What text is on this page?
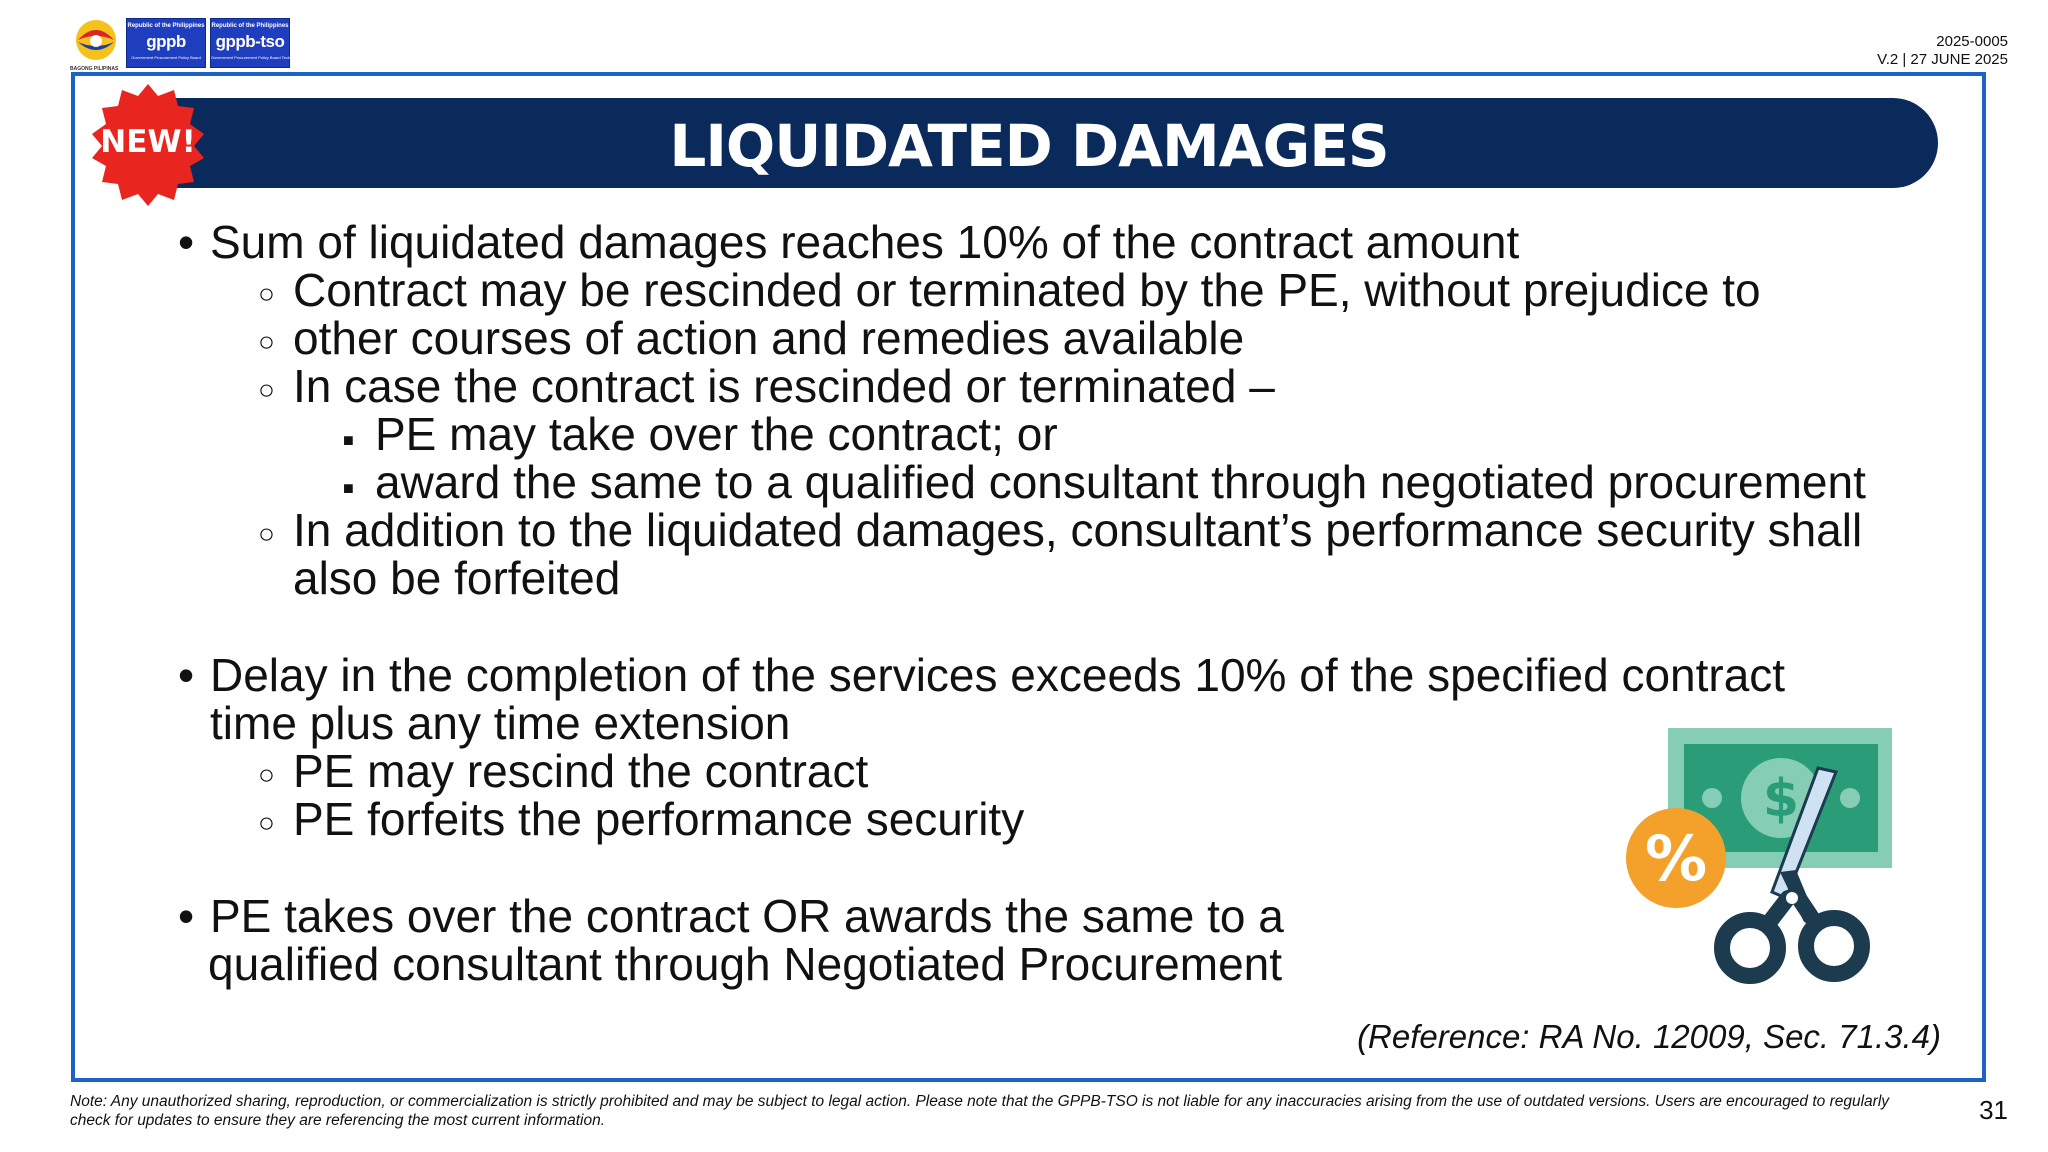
BAGONG PILIPINAS
Republic of the Philippines
gppb
Government Procurement Policy Board
Republic of the Philippines
gppb-tso
Government Procurement Policy Board Technical Support Office
2025-0005
V.2 | 27 JUNE 2025
LIQUIDATED DAMAGES
NEW!
• Sum of liquidated damages reaches 10% of the contract amount
○ Contract may be rescinded or terminated by the PE, without prejudice to
○ other courses of action and remedies available
○ In case the contract is rescinded or terminated –
■ PE may take over the contract; or
■ award the same to a qualified consultant through negotiated procurement
○ In addition to the liquidated damages, consultant’s performance security shall
also be forfeited
• Delay in the completion of the services exceeds 10% of the specified contract
time plus any time extension
○ PE may rescind the contract
○ PE forfeits the performance security
• PE takes over the contract OR awards the same to a
qualified consultant through Negotiated Procurement
$
%
(Reference: RA No. 12009, Sec. 71.3.4)
Note: Any unauthorized sharing, reproduction, or commercialization is strictly prohibited and may be subject to legal action. Please note that the GPPB-TSO is not liable for any inaccuracies arising from the use of outdated versions. Users are encouraged to regularly check for updates to ensure they are referencing the most current information.	31
